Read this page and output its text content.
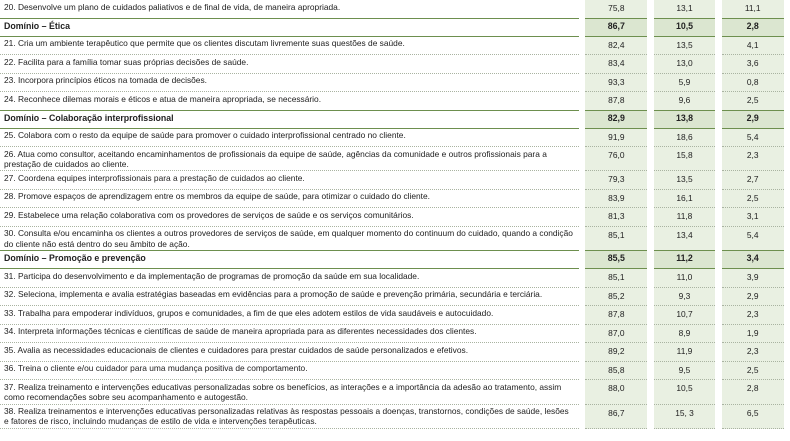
20. Desenvolve um plano de cuidados paliativos e de final de vida, de maneira apropriada.		75,8		13,1		11,1	
Domínio – Ética		86,7		10,5		2,8	
21. Cria um ambiente terapêutico que permite que os clientes discutam livremente suas questões de saúde.		82,4		13,5		4,1	
22. Facilita para a família tomar suas próprias decisões de saúde.		83,4		13,0		3,6	
23. Incorpora princípios éticos na tomada de decisões.		93,3		5,9		0,8	
24. Reconhece dilemas morais e éticos e atua de maneira apropriada, se necessário.		87,8		9,6		2,5	
Domínio – Colaboração interprofissional		82,9		13,8		2,9	
25. Colabora com o resto da equipe de saúde para promover o cuidado interprofissional centrado no cliente.		91,9		18,6		5,4	
26. Atua como consultor, aceitando encaminhamentos de profissionais da equipe de saúde, agências da comunidade e outros profissionais para a prestação de cuidados ao cliente.		76,0		15,8		2,3	
27. Coordena equipes interprofissionais para a prestação de cuidados ao cliente.		79,3		13,5		2,7	
28. Promove espaços de aprendizagem entre os membros da equipe de saúde, para otimizar o cuidado do cliente.		83,9		16,1		2,5	
29. Estabelece uma relação colaborativa com os provedores de serviços de saúde e os serviços comunitários.		81,3		11,8		3,1	
30. Consulta e/ou encaminha os clientes a outros provedores de serviços de saúde, em qualquer momento do continuum do cuidado, quando a condição do cliente não está dentro do seu âmbito de ação.		85,1		13,4		5,4	
Domínio – Promoção e prevenção		85,5		11,2		3,4	
31. Participa do desenvolvimento e da implementação de programas de promoção da saúde em sua localidade.		85,1		11,0		3,9	
32. Seleciona, implementa e avalia estratégias baseadas em evidências para a promoção de saúde e prevenção primária, secundária e terciária.		85,2		9,3		2,9	
33. Trabalha para empoderar indivíduos, grupos e comunidades, a fim de que eles adotem estilos de vida saudáveis e autocuidado.		87,8		10,7		2,3	
34. Interpreta informações técnicas e científicas de saúde de maneira apropriada para as diferentes necessidades dos clientes.		87,0		8,9		1,9	
35. Avalia as necessidades educacionais de clientes e cuidadores para prestar cuidados de saúde personalizados e efetivos.		89,2		11,9		2,3	
36. Treina o cliente e/ou cuidador para uma mudança positiva de comportamento.		85,8		9,5		2,5	
37. Realiza treinamento e intervenções educativas personalizadas sobre os benefícios, as interações e a importância da adesão ao tratamento, assim como recomendações sobre seu acompanhamento e autogestão.		88,0		10,5		2,8	
38. Realiza treinamentos e intervenções educativas personalizadas relativas às respostas pessoais a doenças, transtornos, condições de saúde, lesões e fatores de risco, incluindo mudanças de estilo de vida e intervenções terapêuticas.		86,7		15, 3		6,5	
